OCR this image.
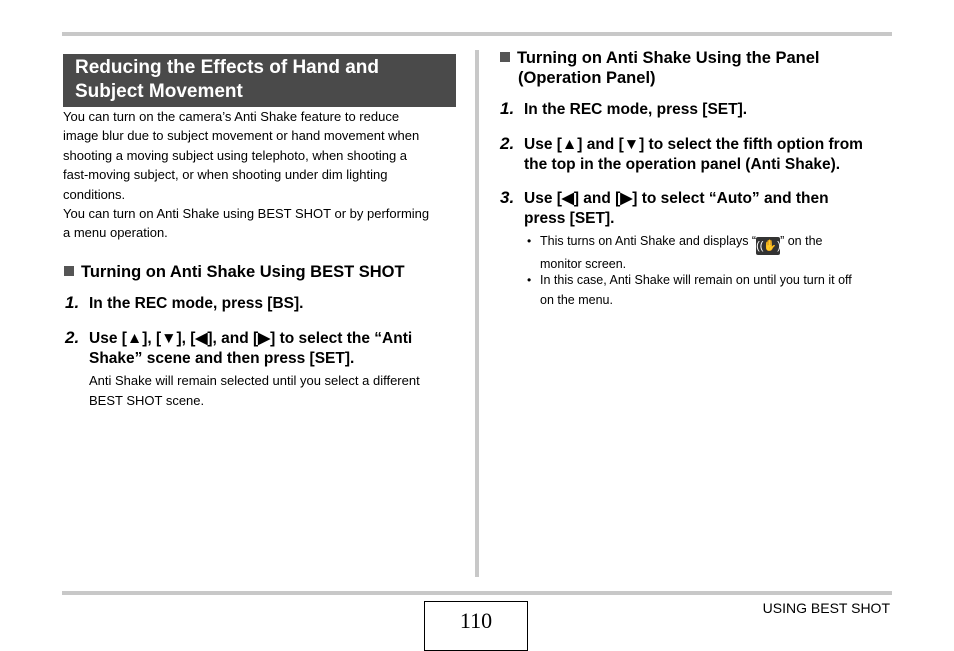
Reducing the Effects of Hand and Subject Movement
You can turn on the camera’s Anti Shake feature to reduce
image blur due to subject movement or hand movement when
shooting a moving subject using telephoto, when shooting a
fast-moving subject, or when shooting under dim lighting
conditions.
You can turn on Anti Shake using BEST SHOT or by performing
a menu operation.
Turning on Anti Shake Using BEST SHOT
1. In the REC mode, press [BS].
2. Use [▲], [▼], [◀], and [▶] to select the “Anti
Shake” scene and then press [SET].
Anti Shake will remain selected until you select a different
BEST SHOT scene.
Turning on Anti Shake Using the Panel
(Operation Panel)
1. In the REC mode, press [SET].
2. Use [▲] and [▼] to select the fifth option from
the top in the operation panel (Anti Shake).
3. Use [◀] and [▶] to select “Auto” and then
press [SET].
• This turns on Anti Shake and displays “((✋))” on the
monitor screen.
• In this case, Anti Shake will remain on until you turn it off
on the menu.
110	USING BEST SHOT
